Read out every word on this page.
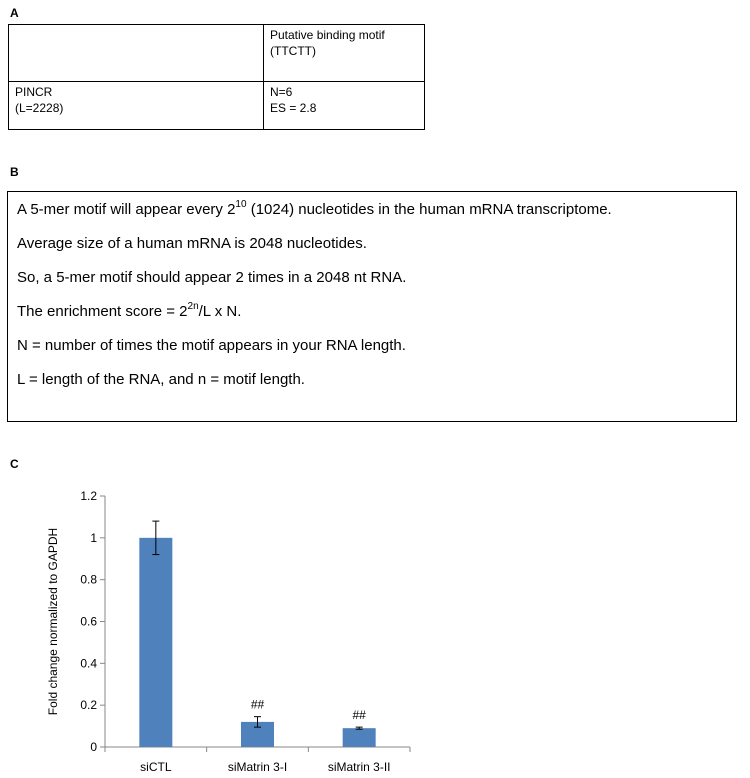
A

	Putative binding motif
(TTCTT)

PINCR
(L=2228)	N=6
ES = 2.8
B

A 5-mer motif will appear every $2^{10}$ (1024) nucleotides in the human mRNA transcriptome.

Average size of a human mRNA is 2048 nucleotides.

So, a 5-mer motif should appear 2 times in a 2048 nt RNA.

The enrichment score = $2^{2n}/L$ x N.

N = number of times the motif appears in your RNA length.

L = length of the RNA, and n = motif length.

C
0
0.2
0.4
0.6
0.8
1
1.2
siCTL	siMatrin 3-I
##
siMatrin 3-II
##
Fold change normalized to GAPDH
